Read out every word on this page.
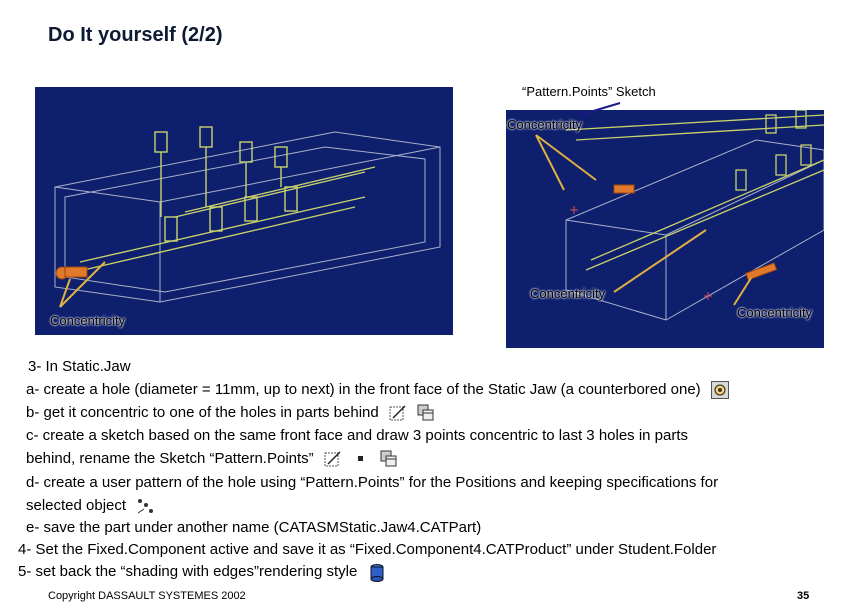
Do It yourself (2/2)
“Pattern.Points” Sketch
Concentricity
Concentricity
Concentricity
Concentricity
3- In Static.Jaw
a- create a hole (diameter = 11mm, up to next) in the front face of the Static Jaw (a counterbored one)
b- get it concentric to one of the holes in parts behind
c- create a sketch based on the same front face and draw 3 points concentric to last 3 holes in parts
behind, rename the Sketch “Pattern.Points”
d- create a user pattern of the hole using “Pattern.Points” for the Positions and keeping specifications for
selected object
e- save the part under another name (CATASMStatic.Jaw4.CATPart)
4- Set the Fixed.Component active and save it as “Fixed.Component4.CATProduct” under Student.Folder
5- set back the “shading with edges”rendering style
Copyright DASSAULT SYSTEMES 2002	35
